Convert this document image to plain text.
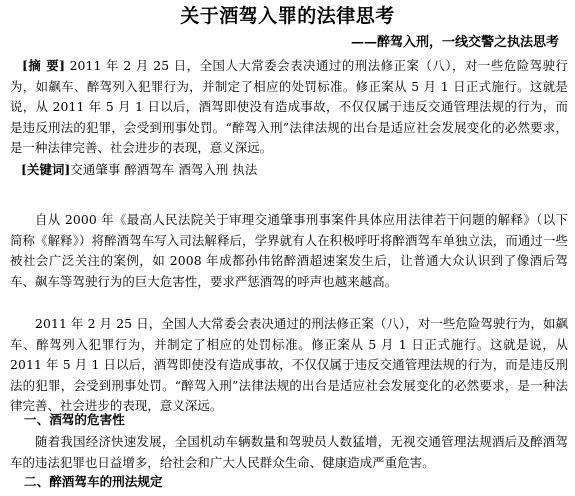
关于酒驾入罪的法律思考
——醉驾入刑，一线交警之执法思考

[摘 要] 2011 年 2 月 25 日，全国人大常委会表决通过的刑法修正案（八），对一些危险驾驶行为，如飙车、醉驾列入犯罪行为，并制定了相应的处罚标准。修正案从 5 月 1 日正式施行。这就是说，从 2011 年 5 月 1 日以后，酒驾即使没有造成事故，不仅仅属于违反交通管理法规的行为，而是违反刑法的犯罪，会受到刑事处罚。“醉驾入刑”法律法规的出台是适应社会发展变化的必然要求，是一种法律完善、社会进步的表现，意义深远。

[关键词]交通肇事 醉酒驾车 酒驾入刑 执法

自从 2000 年《最高人民法院关于审理交通肇事刑事案件具体应用法律若干问题的解释》（以下简称《解释》）将醉酒驾车写入司法解释后，学界就有人在积极呼吁将醉酒驾车单独立法，而通过一些被社会广泛关注的案例，如 2008 年成都孙伟铭醉酒超速案发生后，让普通大众认识到了像酒后驾车、飙车等驾驶行为的巨大危害性，要求严惩酒驾的呼声也越来越高。

2011 年 2 月 25 日，全国人大常委会表决通过的刑法修正案（八），对一些危险驾驶行为，如飙车、醉驾列入犯罪行为，并制定了相应的处罚标准。修正案从 5 月 1 日正式施行。这就是说，从 2011 年 5 月 1 日以后，酒驾即使没有造成事故，不仅仅属于违反交通管理法规的行为，而是违反刑法的犯罪，会受到刑事处罚。“醉驾入刑”法律法规的出台是适应社会发展变化的必然要求，是一种法律完善、社会进步的表现，意义深远。

一、酒驾的危害性

随着我国经济快速发展，全国机动车辆数量和驾驶员人数猛增，无视交通管理法规酒后及醉酒驾车的违法犯罪也日益增多，给社会和广大人民群众生命、健康造成严重危害。

二、醉酒驾车的刑法规定
